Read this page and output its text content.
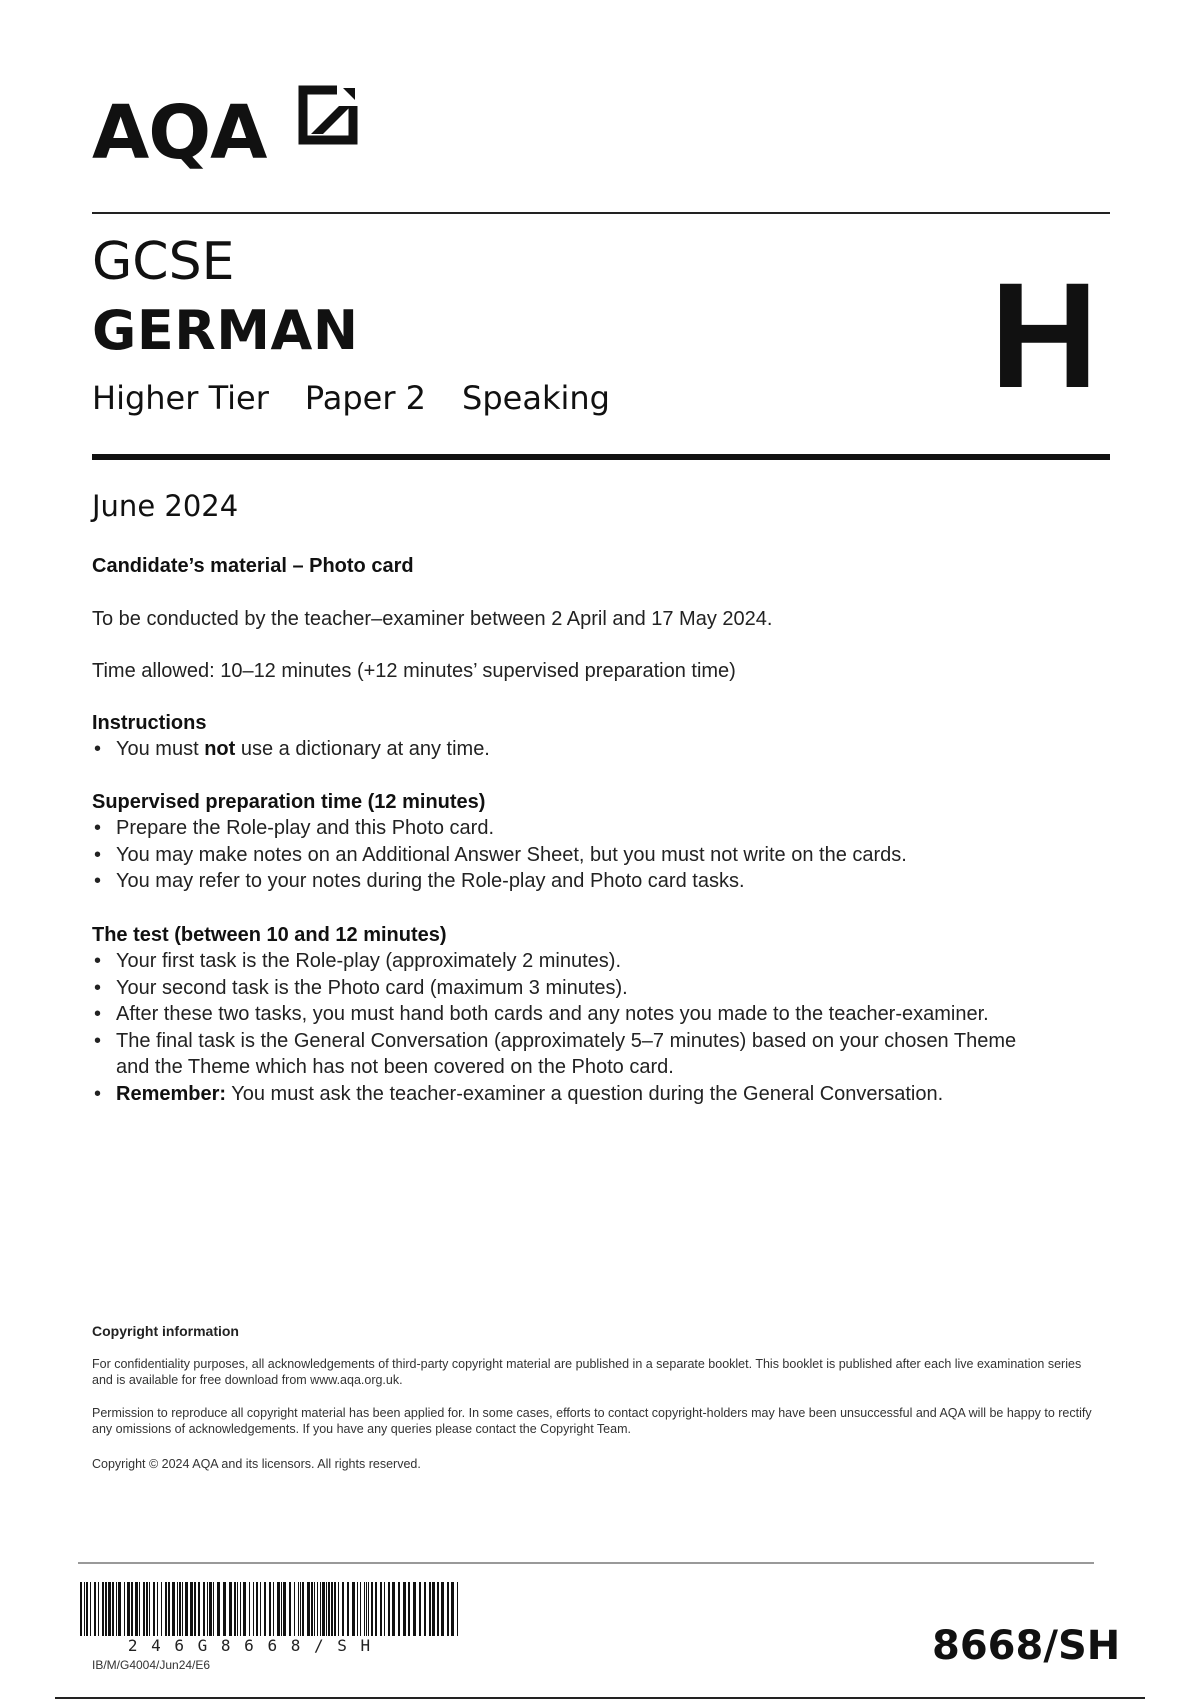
AQA
GCSE
GERMAN
Higher Tier Paper 2 Speaking	H
June 2024
Candidate’s material – Photo card
To be conducted by the teacher–examiner between 2 April and 17 May 2024.
Time allowed: 10–12 minutes (+12 minutes’ supervised preparation time)
Instructions
• You must not use a dictionary at any time.
Supervised preparation time (12 minutes)
• Prepare the Role-play and this Photo card.
• You may make notes on an Additional Answer Sheet, but you must not write on the cards.
• You may refer to your notes during the Role-play and Photo card tasks.
The test (between 10 and 12 minutes)
• Your first task is the Role-play (approximately 2 minutes).
• Your second task is the Photo card (maximum 3 minutes).
• After these two tasks, you must hand both cards and any notes you made to the teacher-examiner.
• The final task is the General Conversation (approximately 5–7 minutes) based on your chosen Theme and the Theme which has not been covered on the Photo card.
• Remember: You must ask the teacher-examiner a question during the General Conversation.
Copyright information
For confidentiality purposes, all acknowledgements of third-party copyright material are published in a separate booklet. This booklet is published after each live examination series and is available for free download from www.aqa.org.uk.
Permission to reproduce all copyright material has been applied for. In some cases, efforts to contact copyright-holders may have been unsuccessful and AQA will be happy to rectify any omissions of acknowledgements. If you have any queries please contact the Copyright Team.
Copyright © 2024 AQA and its licensors. All rights reserved.
2 4 6 G 8 6 6 8 / S H
IB/M/G4004/Jun24/E6	8668/SH
